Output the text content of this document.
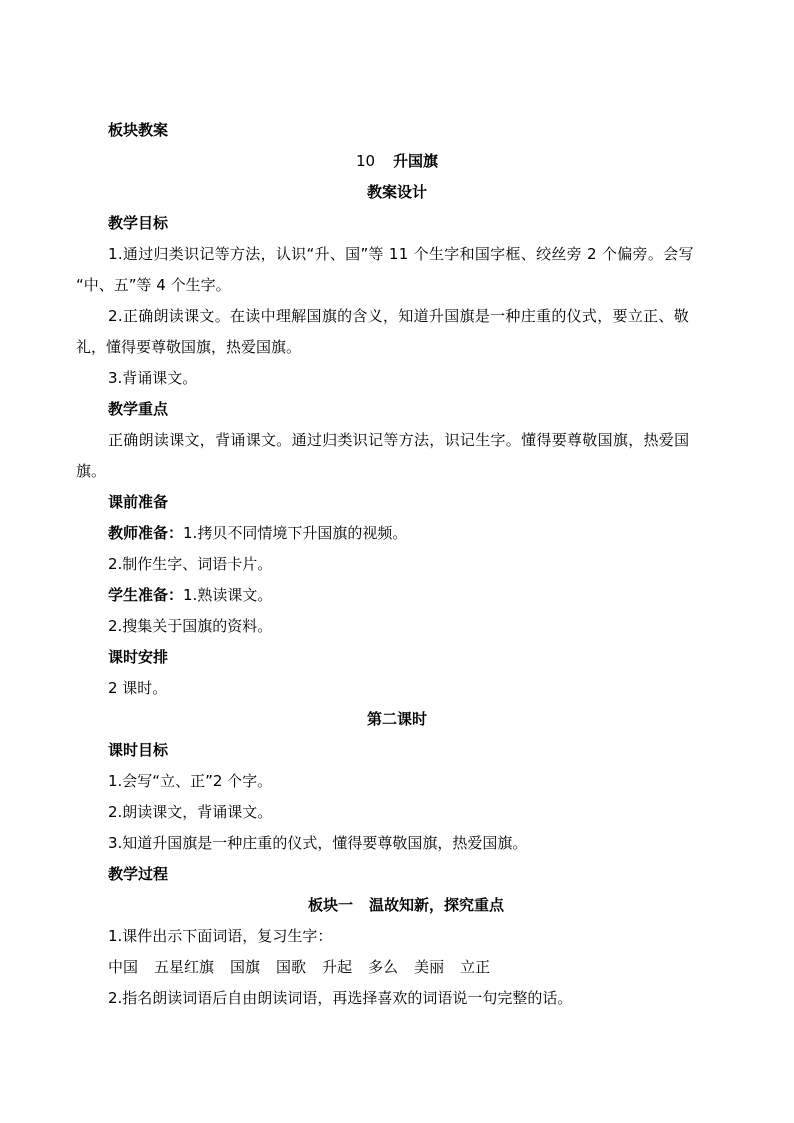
板块教案
10 升国旗
教案设计
教学目标
1.通过归类识记等方法，认识“升、国”等 11 个生字和国字框、绞丝旁 2 个偏旁。会写
“中、五”等 4 个生字。
2.正确朗读课文。在读中理解国旗的含义，知道升国旗是一种庄重的仪式，要立正、敬
礼，懂得要尊敬国旗，热爱国旗。
3.背诵课文。
教学重点
正确朗读课文，背诵课文。通过归类识记等方法，识记生字。懂得要尊敬国旗，热爱国
旗。
课前准备
教师准备：1.拷贝不同情境下升国旗的视频。
2.制作生字、词语卡片。
学生准备：1.熟读课文。
2.搜集关于国旗的资料。
课时安排
2 课时。
第二课时
课时目标
1.会写“立、正”2 个字。
2.朗读课文，背诵课文。
3.知道升国旗是一种庄重的仪式，懂得要尊敬国旗，热爱国旗。
教学过程
板块一 温故知新，探究重点
1.课件出示下面词语，复习生字：
中国 五星红旗 国旗 国歌 升起 多么 美丽 立正
2.指名朗读词语后自由朗读词语，再选择喜欢的词语说一句完整的话。
